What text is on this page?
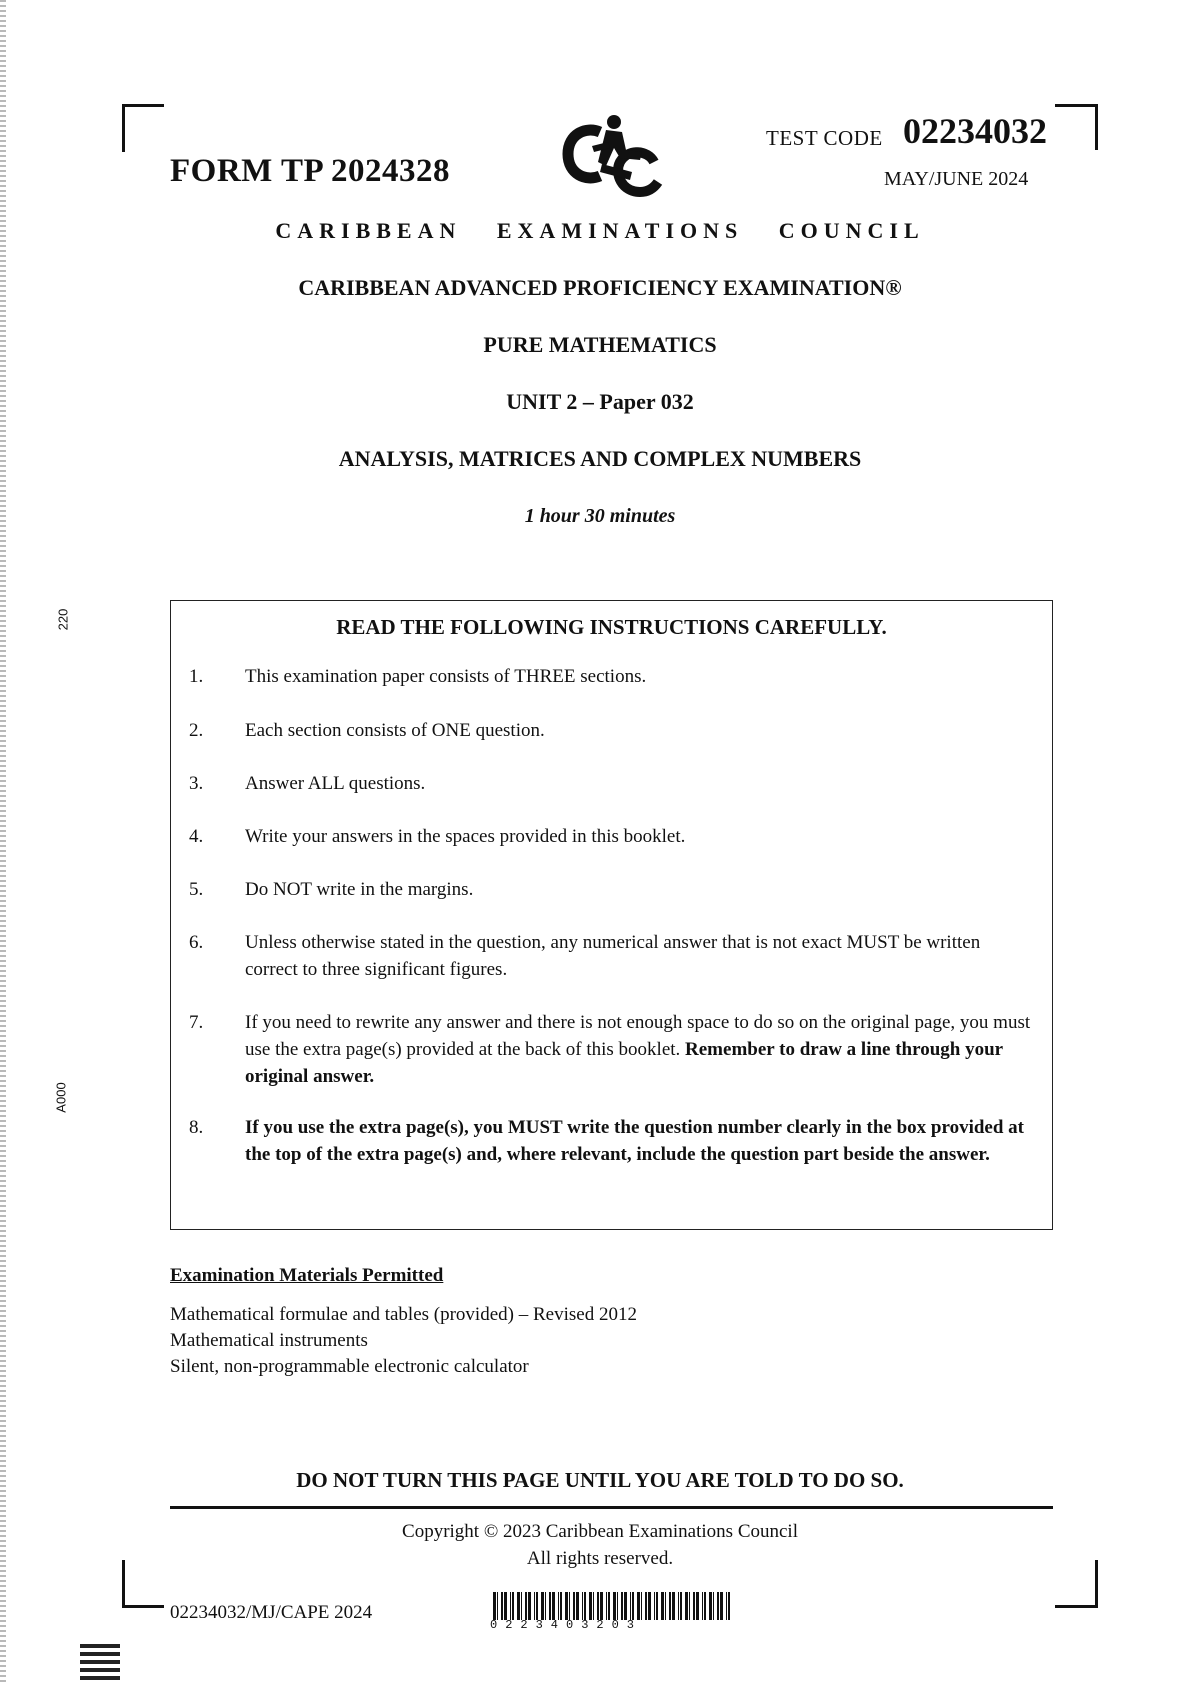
220
A000
FORM TP 2024328
TEST CODE 02234032
MAY/JUNE 2024
CARIBBEAN EXAMINATIONS COUNCIL
CARIBBEAN ADVANCED PROFICIENCY EXAMINATION®
PURE MATHEMATICS
UNIT 2 – Paper 032
ANALYSIS, MATRICES AND COMPLEX NUMBERS
1 hour 30 minutes
READ THE FOLLOWING INSTRUCTIONS CAREFULLY.
1.	This examination paper consists of THREE sections.
2.	Each section consists of ONE question.
3.	Answer ALL questions.
4.	Write your answers in the spaces provided in this booklet.
5.	Do NOT write in the margins.
6.	Unless otherwise stated in the question, any numerical answer that is not exact MUST be written correct to three significant figures.
7.	If you need to rewrite any answer and there is not enough space to do so on the original page, you must use the extra page(s) provided at the back of this booklet. Remember to draw a line through your original answer.
8.	If you use the extra page(s), you MUST write the question number clearly in the box provided at the top of the extra page(s) and, where relevant, include the question part beside the answer.
Examination Materials Permitted
Mathematical formulae and tables (provided) – Revised 2012
Mathematical instruments
Silent, non-programmable electronic calculator
DO NOT TURN THIS PAGE UNTIL YOU ARE TOLD TO DO SO.
Copyright © 2023 Caribbean Examinations Council
All rights reserved.
02234032/MJ/CAPE 2024
0223403203
